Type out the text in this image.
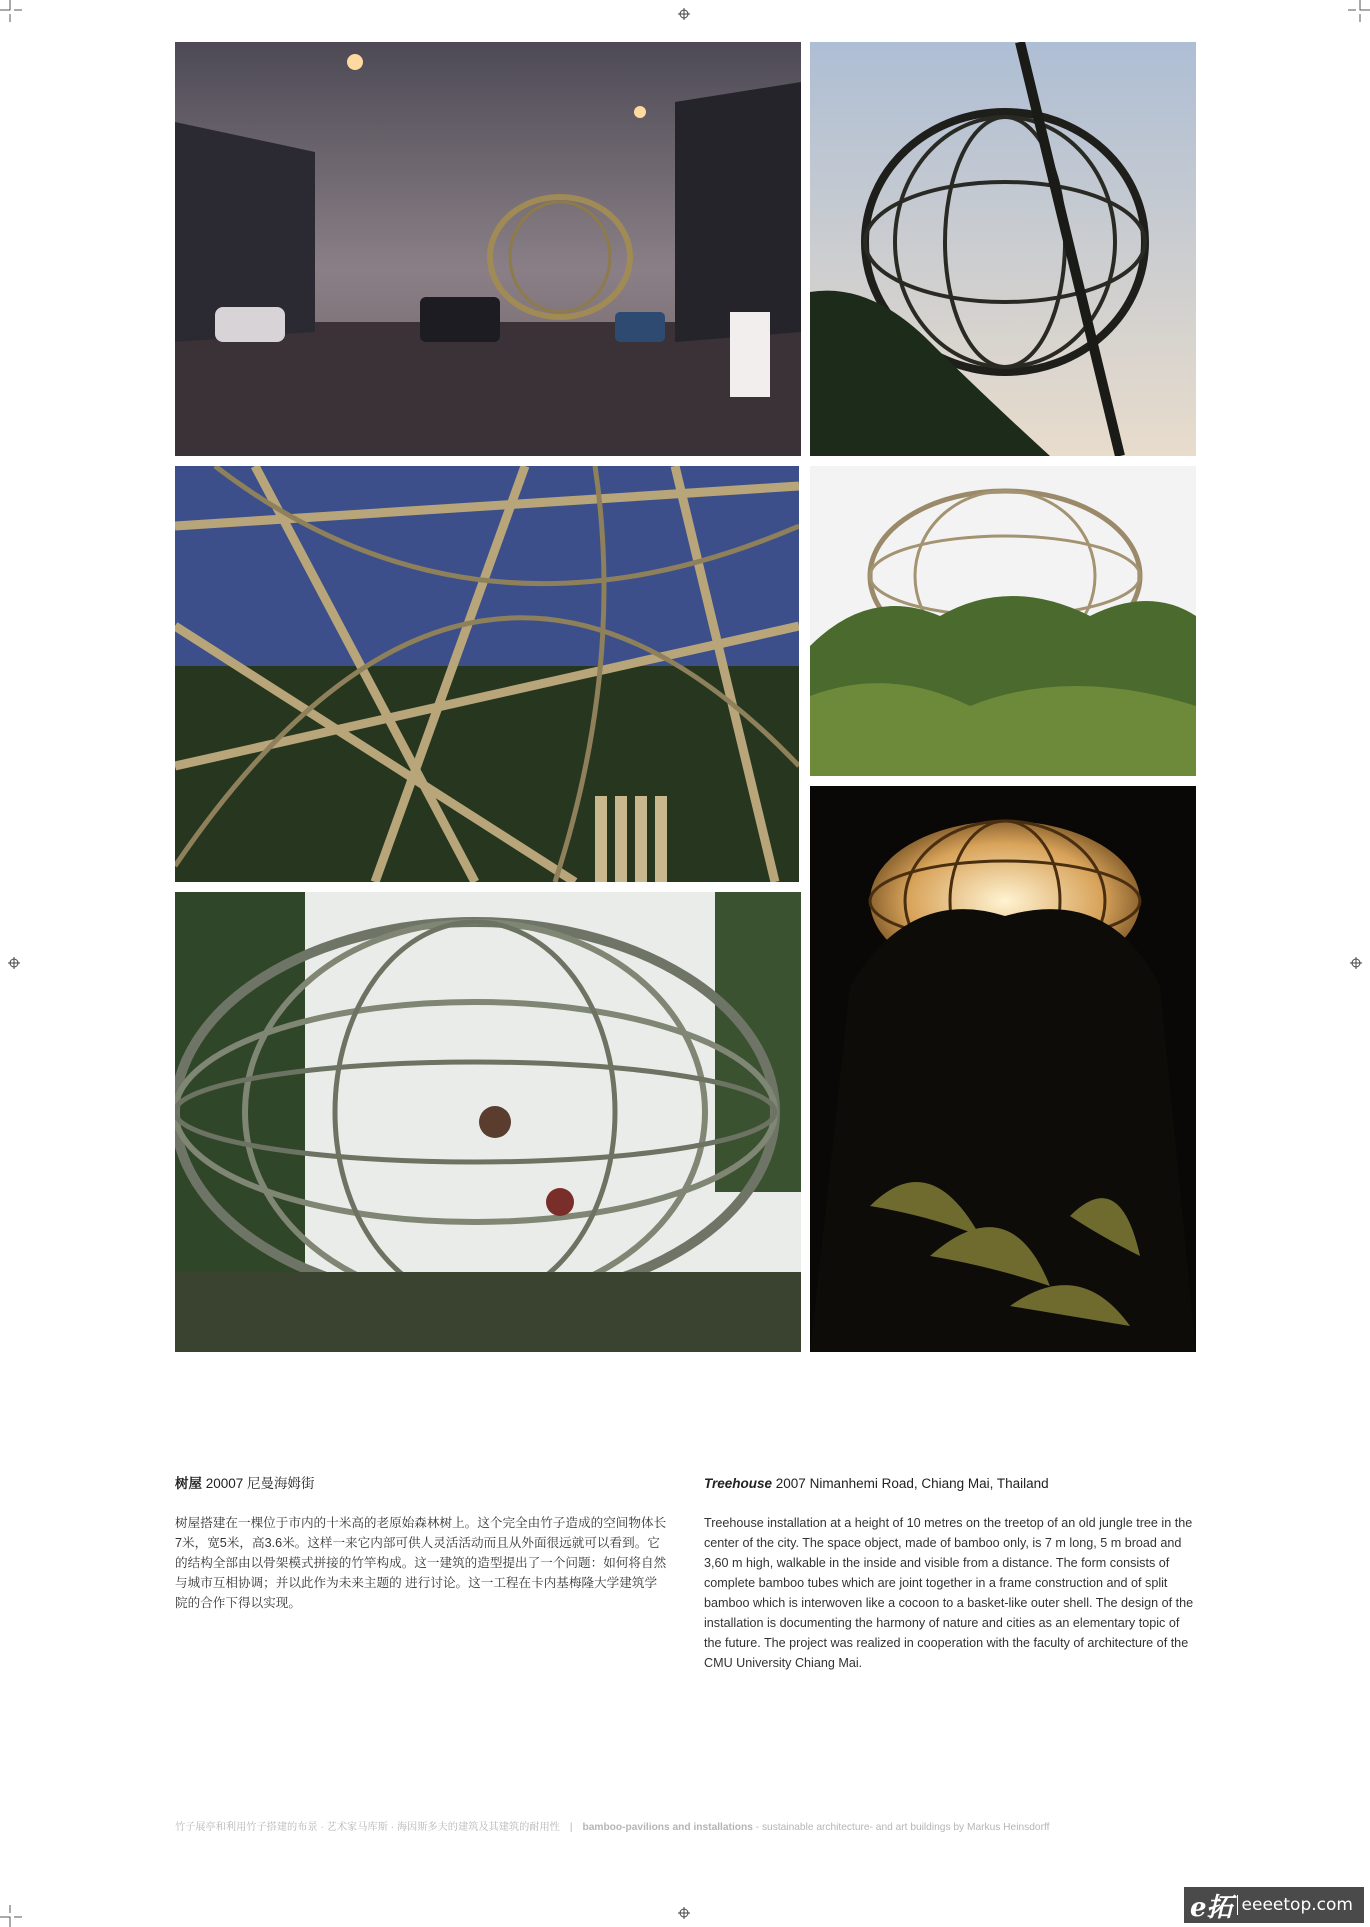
树屋 20007 尼曼海姆街
树屋搭建在一棵位于市内的十米高的老原始森林树上。这个完全由竹子造成的空间物体长7米，宽5米，高3.6米。这样一来它内部可供人灵活活动而且从外面很远就可以看到。它的结构全部由以骨架模式拼接的竹竿构成。这一建筑的造型提出了一个问题：如何将自然与城市互相协调；并以此作为未来主题的 进行讨论。这一工程在卡内基梅隆大学建筑学院的合作下得以实现。
Treehouse 2007 Nimanhemi Road, Chiang Mai, Thailand
Treehouse installation at a height of 10 metres on the treetop of an old jungle tree in the center of the city. The space object, made of bamboo only, is 7 m long, 5 m broad and 3,60 m high, walkable in the inside and visible from a distance. The form consists of complete bamboo tubes which are joint together in a frame construction and of split bamboo which is interwoven like a cocoon to a basket-like outer shell. The design of the installation is documenting the harmony of nature and cities as an elementary topic of the future. The project was realized in cooperation with the faculty of architecture of the CMU University Chiang Mai.
竹子展亭和利用竹子搭建的布景 · 艺术家马库斯 · 海因斯多夫的建筑及其建筑的耐用性 | bamboo-pavilions and installations - sustainable architecture- and art buildings by Markus Heinsdorff
e拓 eeeetop.com
